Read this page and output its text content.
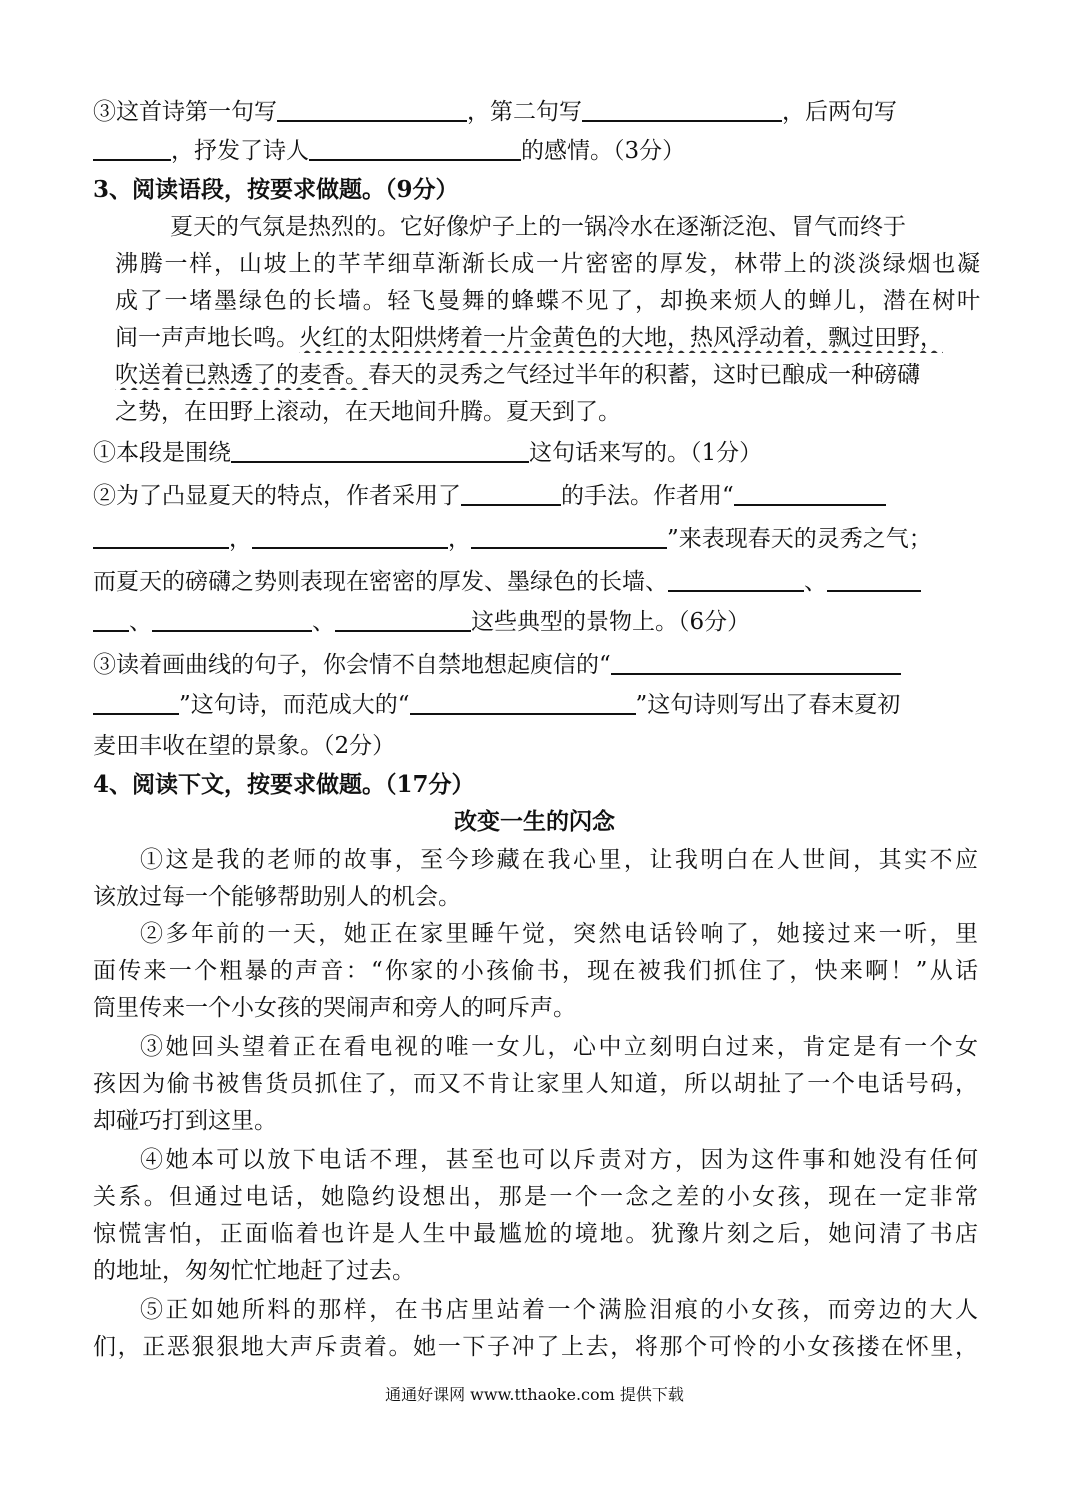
③这首诗第一句写	，第二句写	，后两句写
，抒发了诗人	的感情。（3分）
3、阅读语段，按要求做题。（9分）
夏天的气氛是热烈的。它好像炉子上的一锅冷水在逐渐泛泡、冒气而终于
沸腾一样，山坡上的芊芊细草渐渐长成一片密密的厚发，林带上的淡淡绿烟也凝
成了一堵墨绿色的长墙。轻飞曼舞的蜂蝶不见了，却换来烦人的蝉儿，潜在树叶
间一声声地长鸣。火红的太阳烘烤着一片金黄色的大地，热风浮动着，飘过田野，
吹送着已熟透了的麦香。春天的灵秀之气经过半年的积蓄，这时已酿成一种磅礴
之势，在田野上滚动，在天地间升腾。夏天到了。
①本段是围绕	这句话来写的。（1分）
②为了凸显夏天的特点，作者采用了	的手法。作者用“
，	，	”来表现春天的灵秀之气；
而夏天的磅礴之势则表现在密密的厚发、墨绿色的长墙、	、
、	、	这些典型的景物上。（6分）
③读着画曲线的句子，你会情不自禁地想起庾信的“
”这句诗，而范成大的“	”这句诗则写出了春末夏初
麦田丰收在望的景象。（2分）
4、阅读下文，按要求做题。（17分）
改变一生的闪念
①这是我的老师的故事，至今珍藏在我心里，让我明白在人世间，其实不应
该放过每一个能够帮助别人的机会。
②多年前的一天，她正在家里睡午觉，突然电话铃响了，她接过来一听，里
面传来一个粗暴的声音：“你家的小孩偷书，现在被我们抓住了，快来啊！”从话
筒里传来一个小女孩的哭闹声和旁人的呵斥声。
③她回头望着正在看电视的唯一女儿，心中立刻明白过来，肯定是有一个女
孩因为偷书被售货员抓住了，而又不肯让家里人知道，所以胡扯了一个电话号码，
却碰巧打到这里。
④她本可以放下电话不理，甚至也可以斥责对方，因为这件事和她没有任何
关系。但通过电话，她隐约设想出，那是一个一念之差的小女孩，现在一定非常
惊慌害怕，正面临着也许是人生中最尴尬的境地。犹豫片刻之后，她问清了书店
的地址，匆匆忙忙地赶了过去。
⑤正如她所料的那样，在书店里站着一个满脸泪痕的小女孩，而旁边的大人
们，正恶狠狠地大声斥责着。她一下子冲了上去，将那个可怜的小女孩搂在怀里，
通通好课网 www.tthaoke.com 提供下载
